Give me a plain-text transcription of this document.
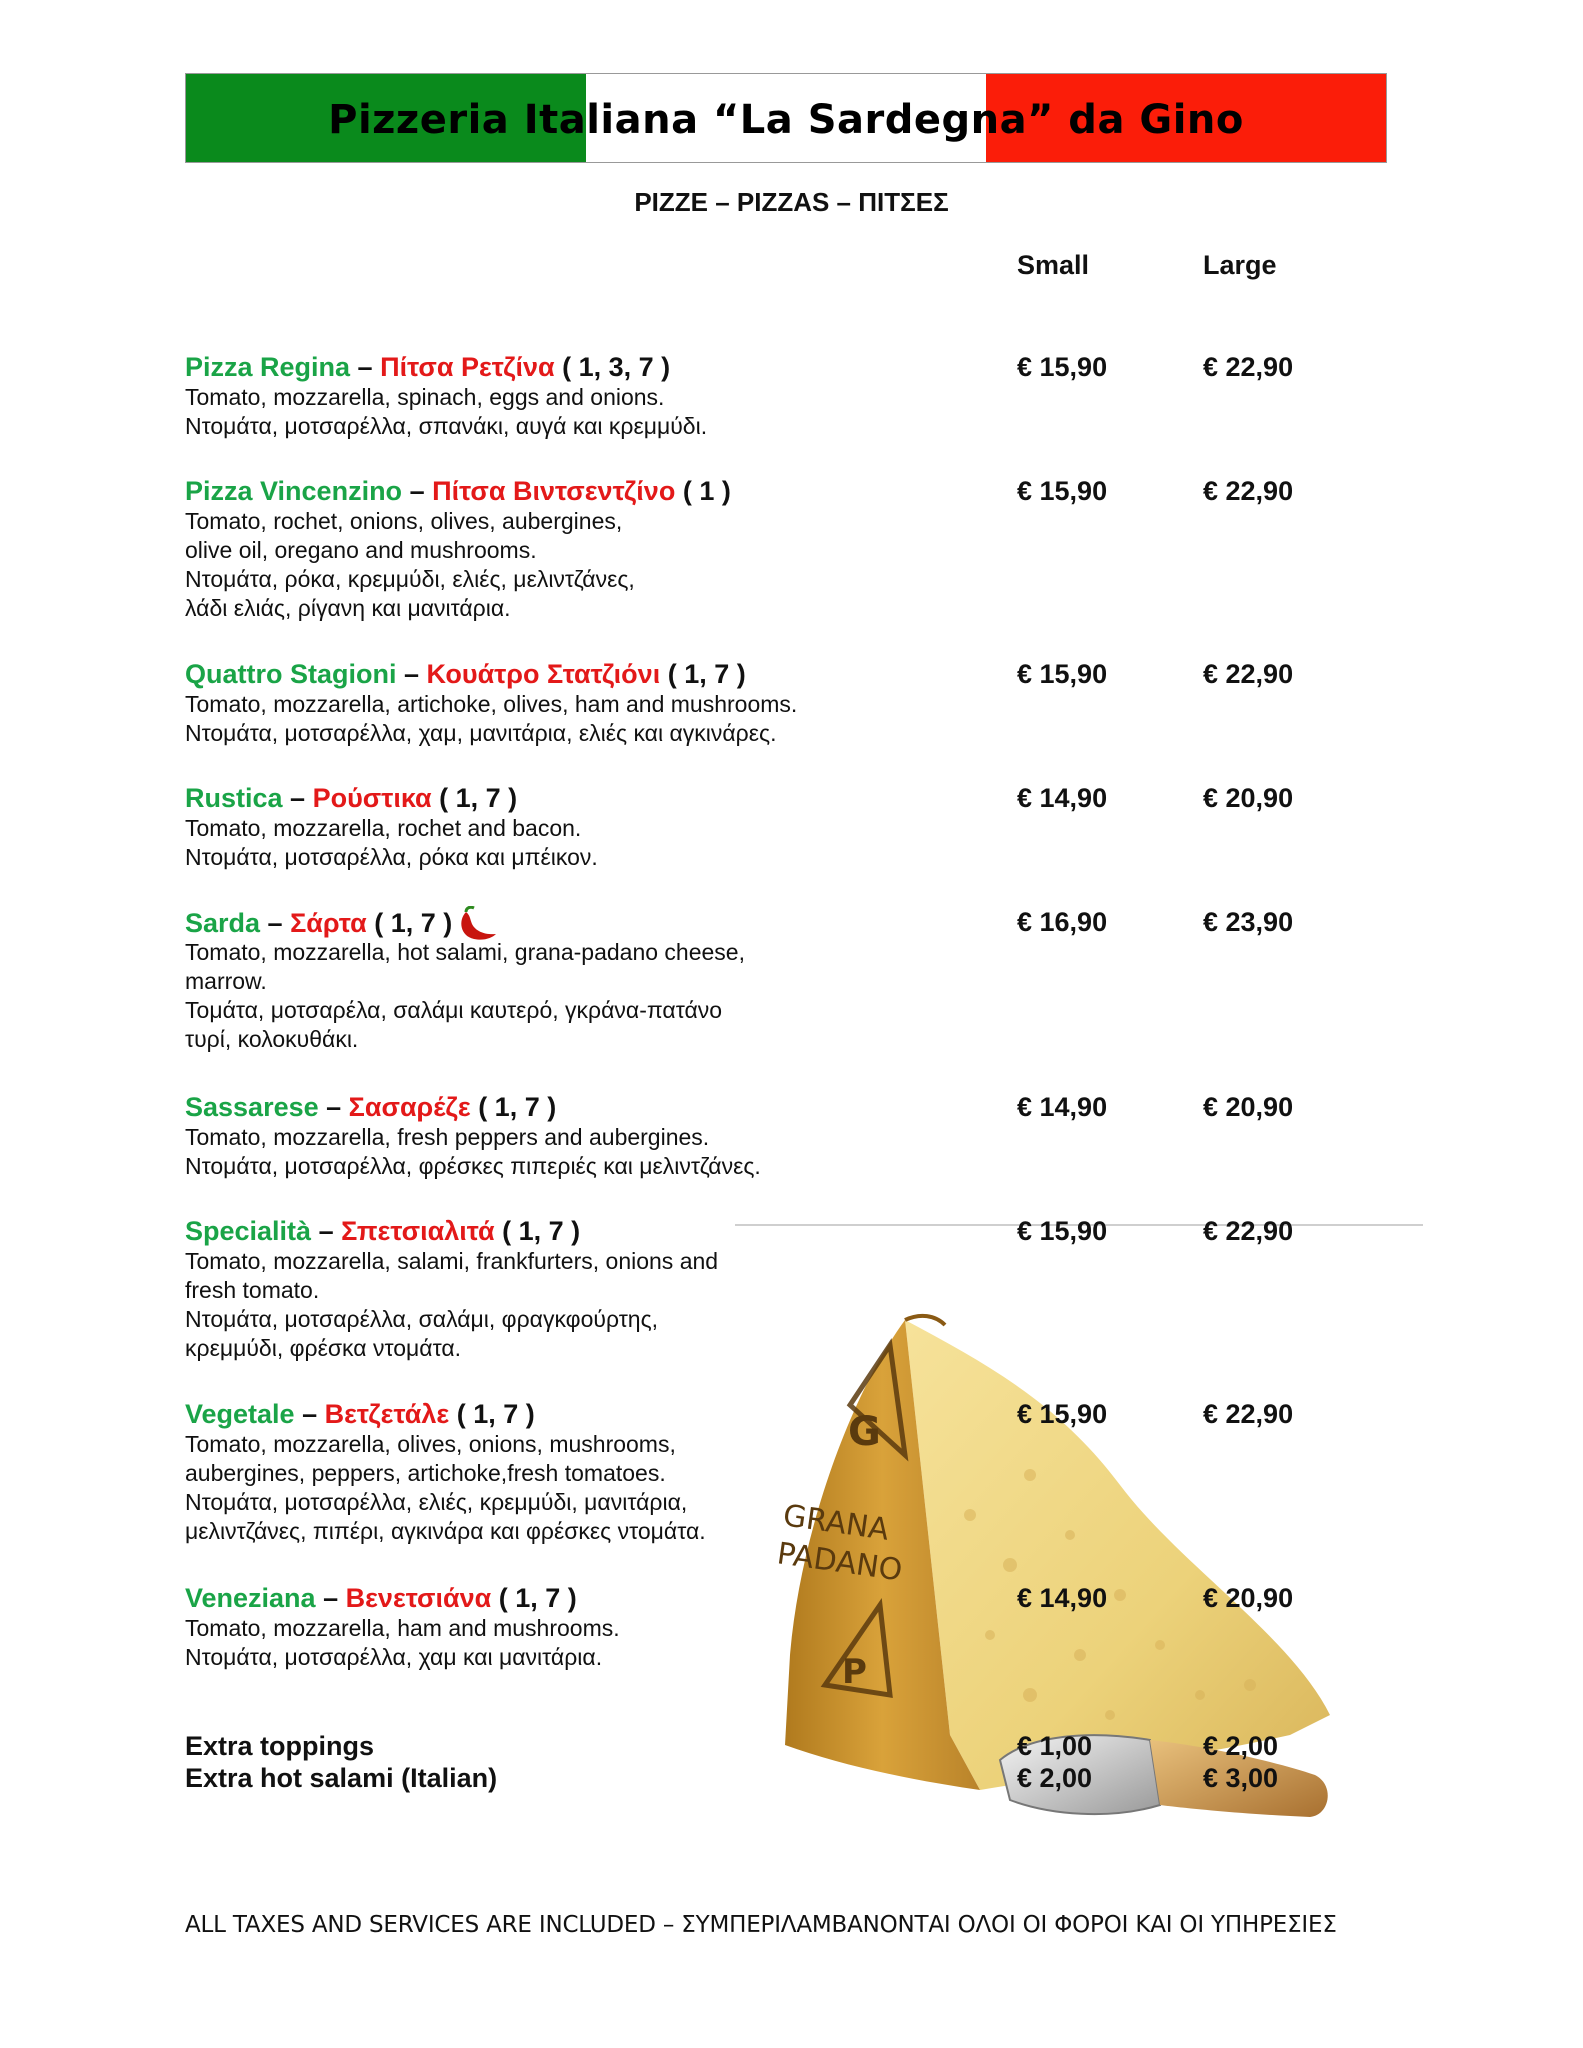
Pizzeria Italiana “La Sardegna” da Gino
PIZZE – PIZZAS – ΠΙΤΣΕΣ
Small	Large
G
P
GRANA
PADANO
Pizza Regina – Πίτσα Ρετζίνα ( 1, 3, 7 )
Tomato, mozzarella, spinach, eggs and onions.
Ντομάτα, μοτσαρέλλα, σπανάκι, αυγά και κρεμμύδι.
€ 15,90	€ 22,90
Pizza Vincenzino – Πίτσα Βιντσεντζίνο ( 1 )
Tomato, rochet, onions, olives, aubergines,
olive oil, oregano and mushrooms.
Ντομάτα, ρόκα, κρεμμύδι, ελιές, μελιντζάνες,
λάδι ελιάς, ρίγανη και μανιτάρια.
€ 15,90	€ 22,90
Quattro Stagioni – Κουάτρο Στατζιόνι ( 1, 7 )
Tomato, mozzarella, artichoke, olives, ham and mushrooms.
Ντομάτα, μοτσαρέλλα, χαμ, μανιτάρια, ελιές και αγκινάρες.
€ 15,90	€ 22,90
Rustica – Ρούστικα ( 1, 7 )
Tomato, mozzarella, rochet and bacon.
Ντομάτα, μοτσαρέλλα, ρόκα και μπέικον.
€ 14,90	€ 20,90
Sarda – Σάρτα ( 1, 7 )
Tomato, mozzarella, hot salami, grana-padano cheese,
marrow.
Τομάτα, μοτσαρέλα, σαλάμι καυτερό, γκράνα-πατάνο
τυρί, κολοκυθάκι.
€ 16,90	€ 23,90
Sassarese – Σασαρέζε ( 1, 7 )
Tomato, mozzarella, fresh peppers and aubergines.
Ντομάτα, μοτσαρέλλα, φρέσκες πιπεριές και μελιντζάνες.
€ 14,90	€ 20,90
Specialità – Σπετσιαλιτά ( 1, 7 )
Tomato, mozzarella, salami, frankfurters, onions and
fresh tomato.
Ντομάτα, μοτσαρέλλα, σαλάμι, φραγκφούρτης,
κρεμμύδι, φρέσκα ντομάτα.
€ 15,90	€ 22,90
Vegetale – Βετζετάλε ( 1, 7 )
Tomato, mozzarella, olives, onions, mushrooms,
aubergines, peppers, artichoke,fresh tomatoes.
Ντομάτα, μοτσαρέλλα, ελιές, κρεμμύδι, μανιτάρια,
μελιντζάνες, πιπέρι, αγκινάρα και φρέσκες ντομάτα.
€ 15,90	€ 22,90
Veneziana – Βενετσιάνα ( 1, 7 )
Tomato, mozzarella, ham and mushrooms.
Ντομάτα, μοτσαρέλλα, χαμ και μανιτάρια.
€ 14,90	€ 20,90
Extra toppings	€ 1,00	€ 2,00
Extra hot salami (Italian)	€ 2,00	€ 3,00
ALL TAXES AND SERVICES ARE INCLUDED – ΣΥΜΠΕΡΙΛΑΜΒΑΝΟΝΤΑΙ ΟΛΟΙ ΟΙ ΦΟΡΟΙ ΚΑΙ ΟΙ ΥΠΗΡΕΣΙΕΣ
